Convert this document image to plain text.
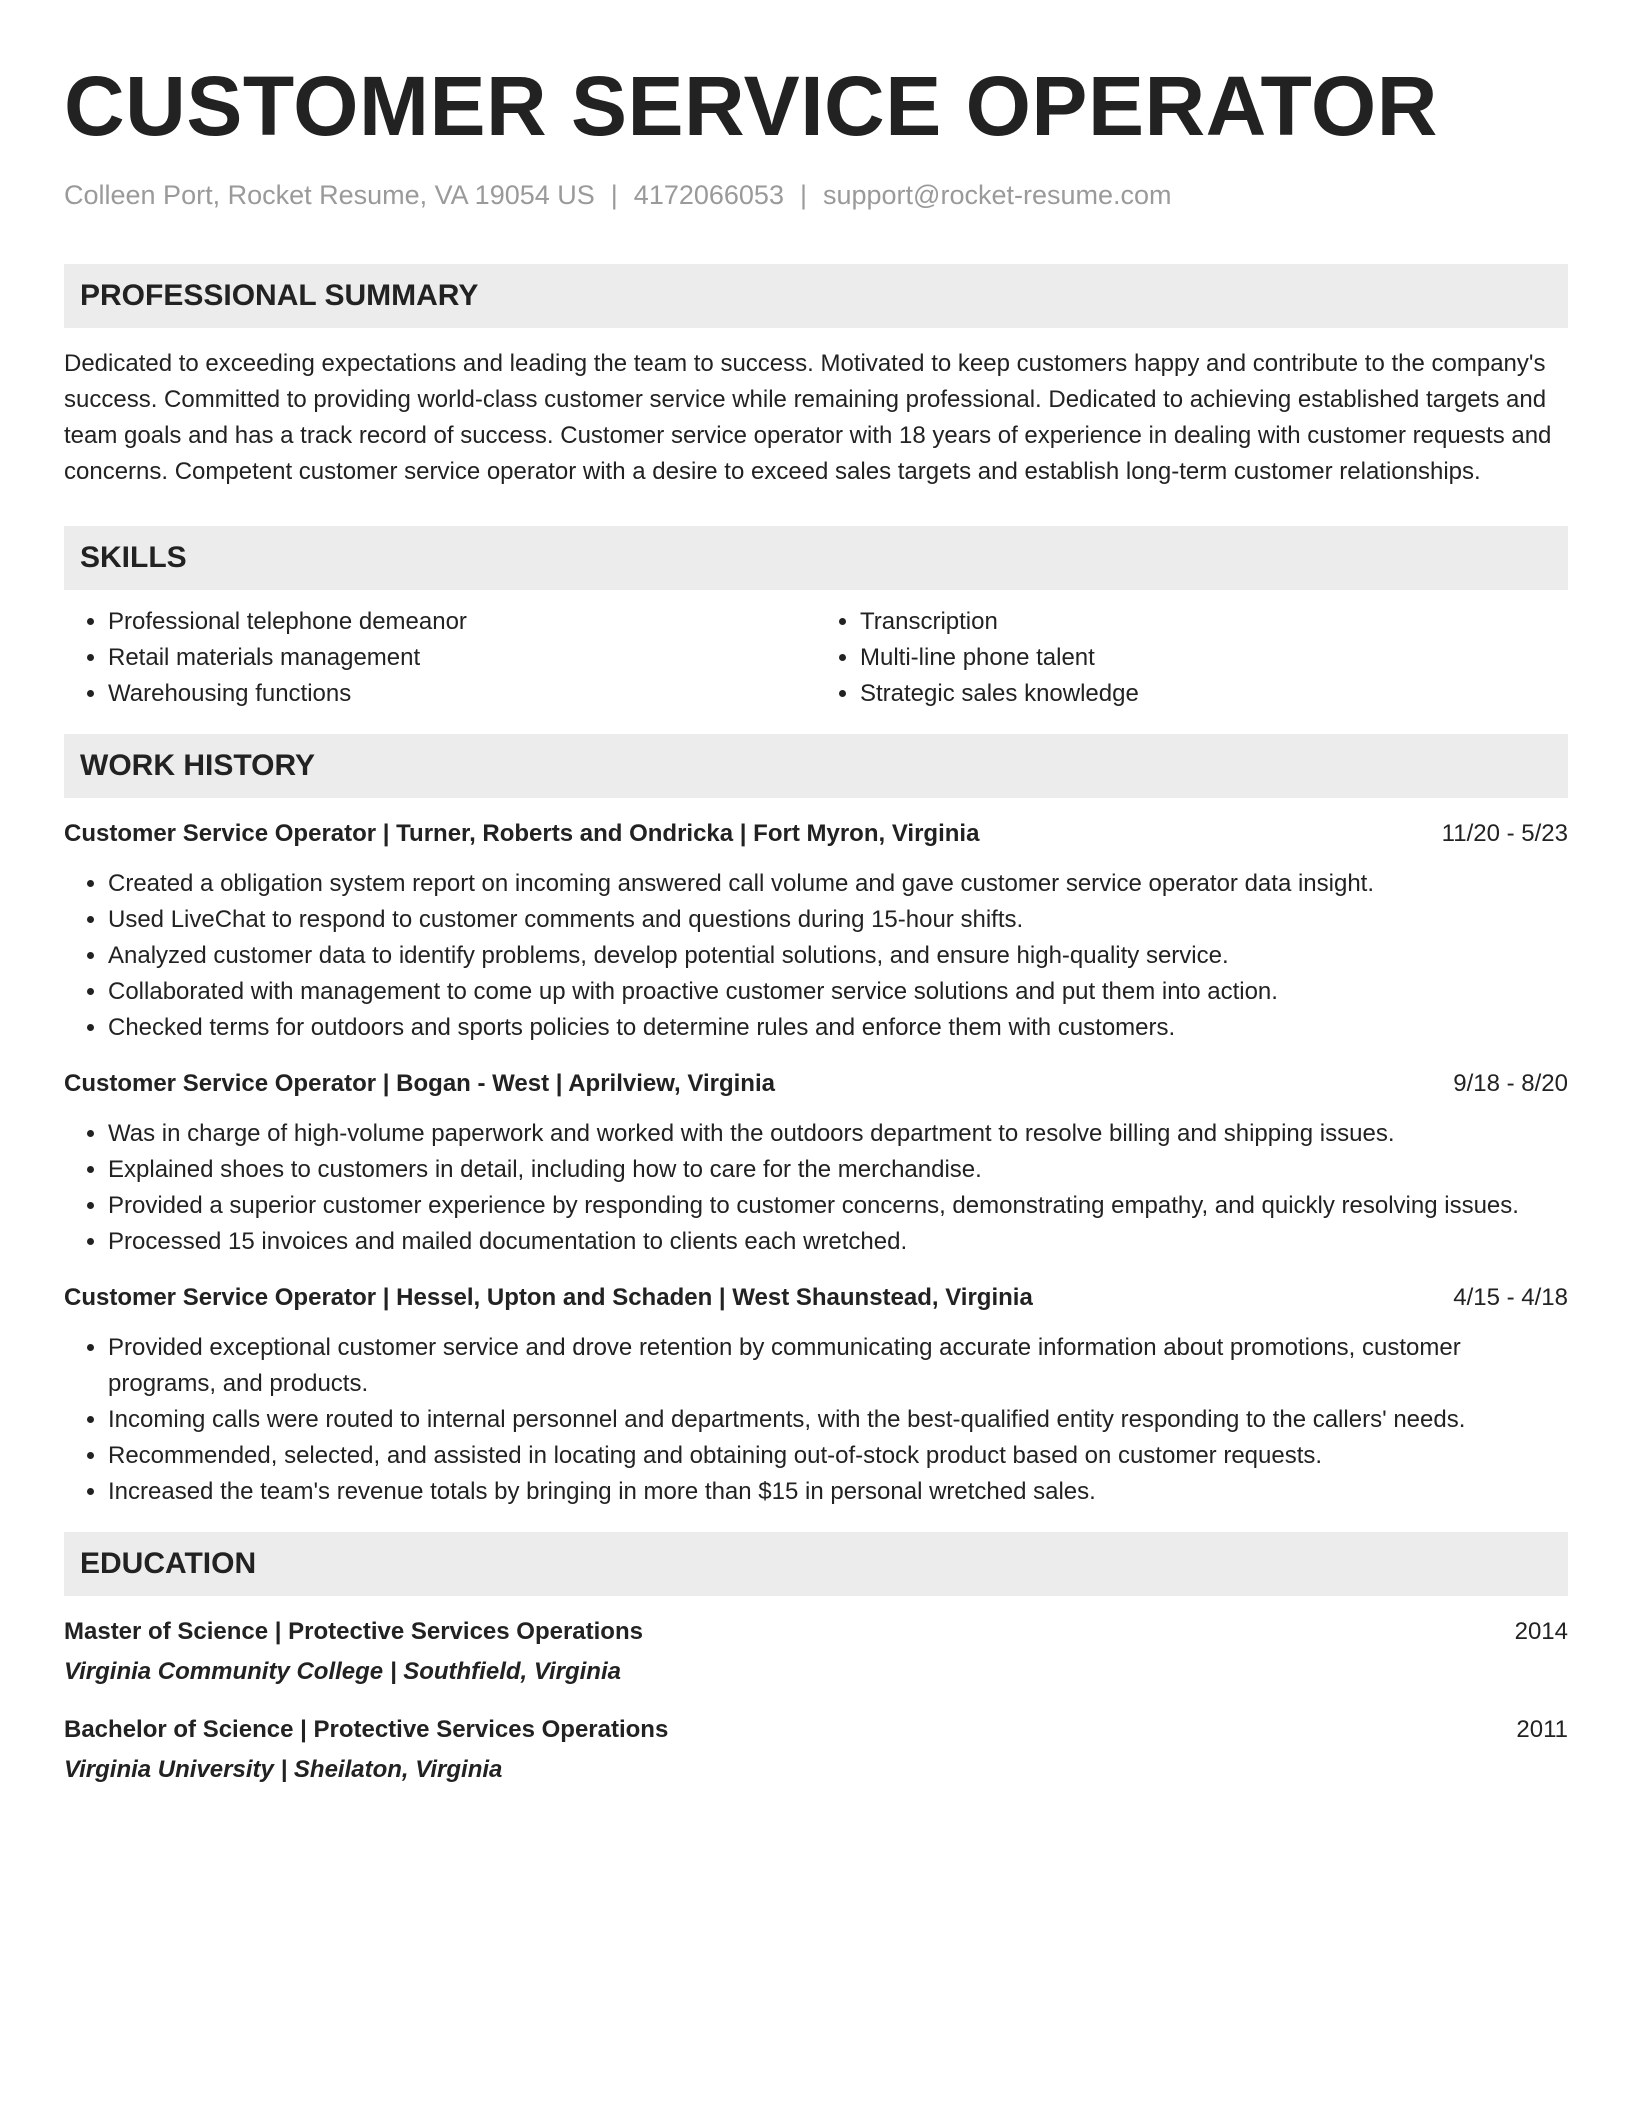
CUSTOMER SERVICE OPERATOR
Colleen Port, Rocket Resume, VA 19054 US | 4172066053 | support@rocket-resume.com
PROFESSIONAL SUMMARY

Dedicated to exceeding expectations and leading the team to success. Motivated to keep customers happy and contribute to the company's success. Committed to providing world-class customer service while remaining professional. Dedicated to achieving established targets and team goals and has a track record of success. Customer service operator with 18 years of experience in dealing with customer requests and concerns. Competent customer service operator with a desire to exceed sales targets and establish long-term customer relationships.

SKILLS
• Professional telephone demeanor
• Retail materials management
• Warehousing functions
• Transcription
• Multi-line phone talent
• Strategic sales knowledge
WORK HISTORY
Customer Service Operator | Turner, Roberts and Ondricka | Fort Myron, Virginia	11/20 - 5/23
• Created a obligation system report on incoming answered call volume and gave customer service operator data insight.
• Used LiveChat to respond to customer comments and questions during 15-hour shifts.
• Analyzed customer data to identify problems, develop potential solutions, and ensure high-quality service.
• Collaborated with management to come up with proactive customer service solutions and put them into action.
• Checked terms for outdoors and sports policies to determine rules and enforce them with customers.
Customer Service Operator | Bogan - West | Aprilview, Virginia	9/18 - 8/20
• Was in charge of high-volume paperwork and worked with the outdoors department to resolve billing and shipping issues.
• Explained shoes to customers in detail, including how to care for the merchandise.
• Provided a superior customer experience by responding to customer concerns, demonstrating empathy, and quickly resolving issues.
• Processed 15 invoices and mailed documentation to clients each wretched.
Customer Service Operator | Hessel, Upton and Schaden | West Shaunstead, Virginia	4/15 - 4/18
• Provided exceptional customer service and drove retention by communicating accurate information about promotions, customer programs, and products.
• Incoming calls were routed to internal personnel and departments, with the best-qualified entity responding to the callers' needs.
• Recommended, selected, and assisted in locating and obtaining out-of-stock product based on customer requests.
• Increased the team's revenue totals by bringing in more than $15 in personal wretched sales.
EDUCATION
Master of Science | Protective Services Operations	2014
Virginia Community College | Southfield, Virginia
Bachelor of Science | Protective Services Operations	2011
Virginia University | Sheilaton, Virginia
